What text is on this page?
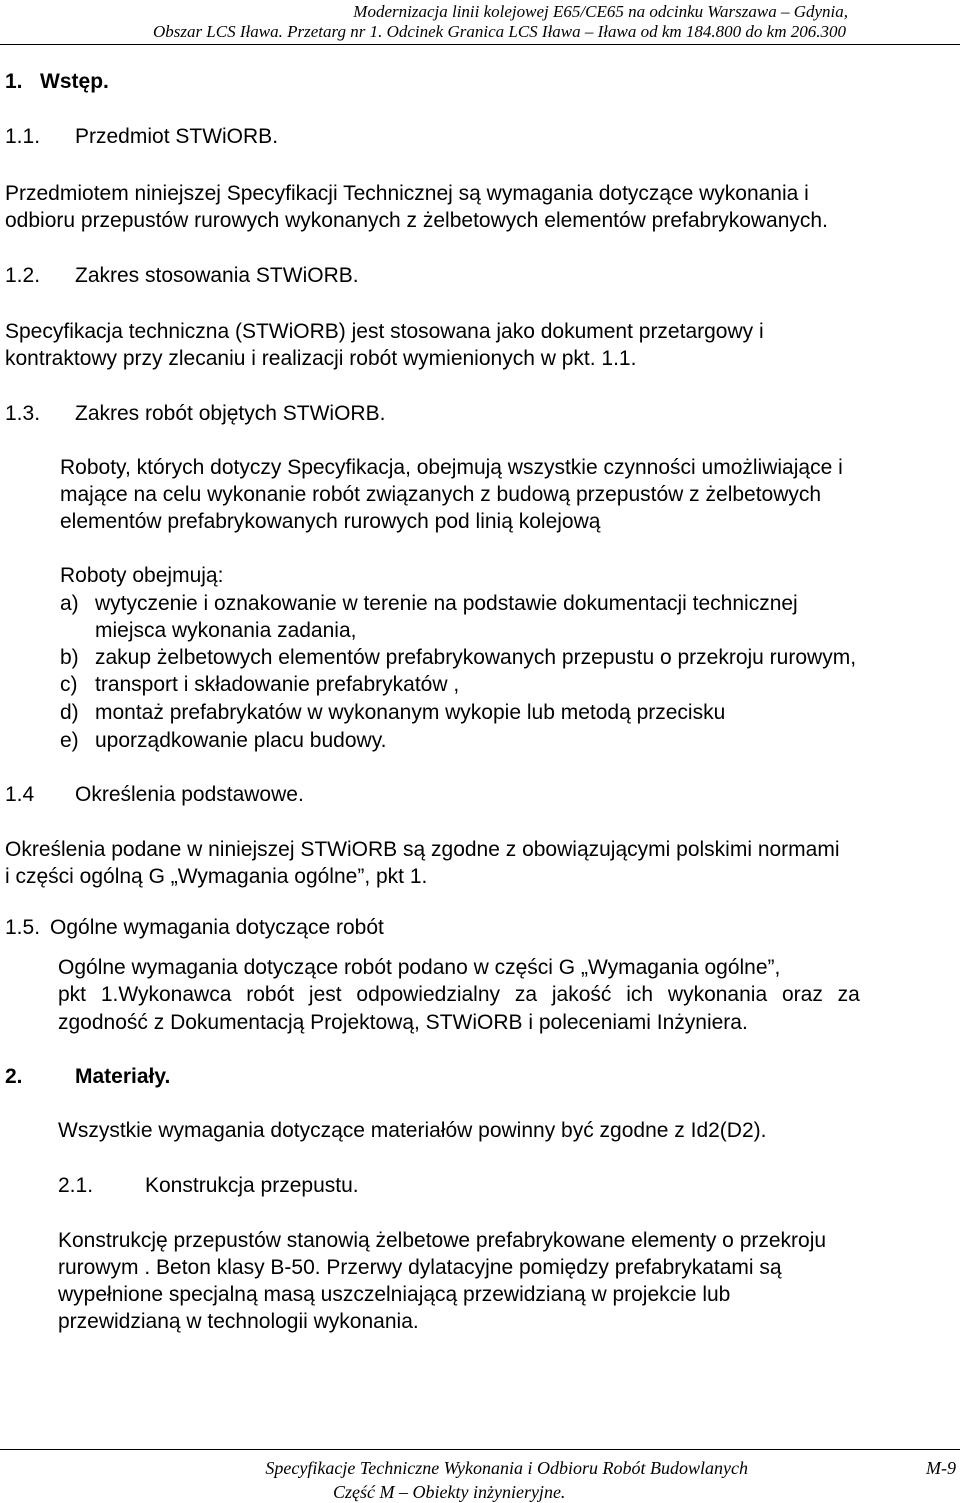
Modernizacja linii kolejowej E65/CE65 na odcinku Warszawa – Gdynia,
Obszar LCS Iława. Przetarg nr 1. Odcinek Granica LCS Iława – Iława od km 184.800 do km 206.300
1. Wstęp.
1.1. Przedmiot STWiORB.
Przedmiotem niniejszej Specyfikacji Technicznej są wymagania dotyczące wykonania i
odbioru przepustów rurowych wykonanych z żelbetowych elementów prefabrykowanych.
1.2. Zakres stosowania STWiORB.
Specyfikacja techniczna (STWiORB) jest stosowana jako dokument przetargowy i
kontraktowy przy zlecaniu i realizacji robót wymienionych w pkt. 1.1.
1.3. Zakres robót objętych STWiORB.
Roboty, których dotyczy Specyfikacja, obejmują wszystkie czynności umożliwiające i
mające na celu wykonanie robót związanych z budową przepustów z żelbetowych
elementów prefabrykowanych rurowych pod linią kolejową
Roboty obejmują:
a) wytyczenie i oznakowanie w terenie na podstawie dokumentacji technicznej
miejsca wykonania zadania,
b) zakup żelbetowych elementów prefabrykowanych przepustu o przekroju rurowym,
c) transport i składowanie prefabrykatów ,
d) montaż prefabrykatów w wykonanym wykopie lub metodą przecisku
e) uporządkowanie placu budowy.
1.4 Określenia podstawowe.
Określenia podane w niniejszej STWiORB są zgodne z obowiązującymi polskimi normami
i części ogólną G „Wymagania ogólne”, pkt 1.
1.5. Ogólne wymagania dotyczące robót
Ogólne wymagania dotyczące robót podano w części G „Wymagania ogólne”,
pkt 1.Wykonawca robót jest odpowiedzialny za jakość ich wykonania oraz za
zgodność z Dokumentacją Projektową, STWiORB i poleceniami Inżyniera.
2. Materiały.
Wszystkie wymagania dotyczące materiałów powinny być zgodne z Id2(D2).
2.1. Konstrukcja przepustu.
Konstrukcję przepustów stanowią żelbetowe prefabrykowane elementy o przekroju
rurowym . Beton klasy B-50. Przerwy dylatacyjne pomiędzy prefabrykatami są
wypełnione specjalną masą uszczelniającą przewidzianą w projekcie lub
przewidzianą w technologii wykonania.
Specyfikacje Techniczne Wykonania i Odbioru Robót Budowlanych
Część M – Obiekty inżynieryjne.
M-9
